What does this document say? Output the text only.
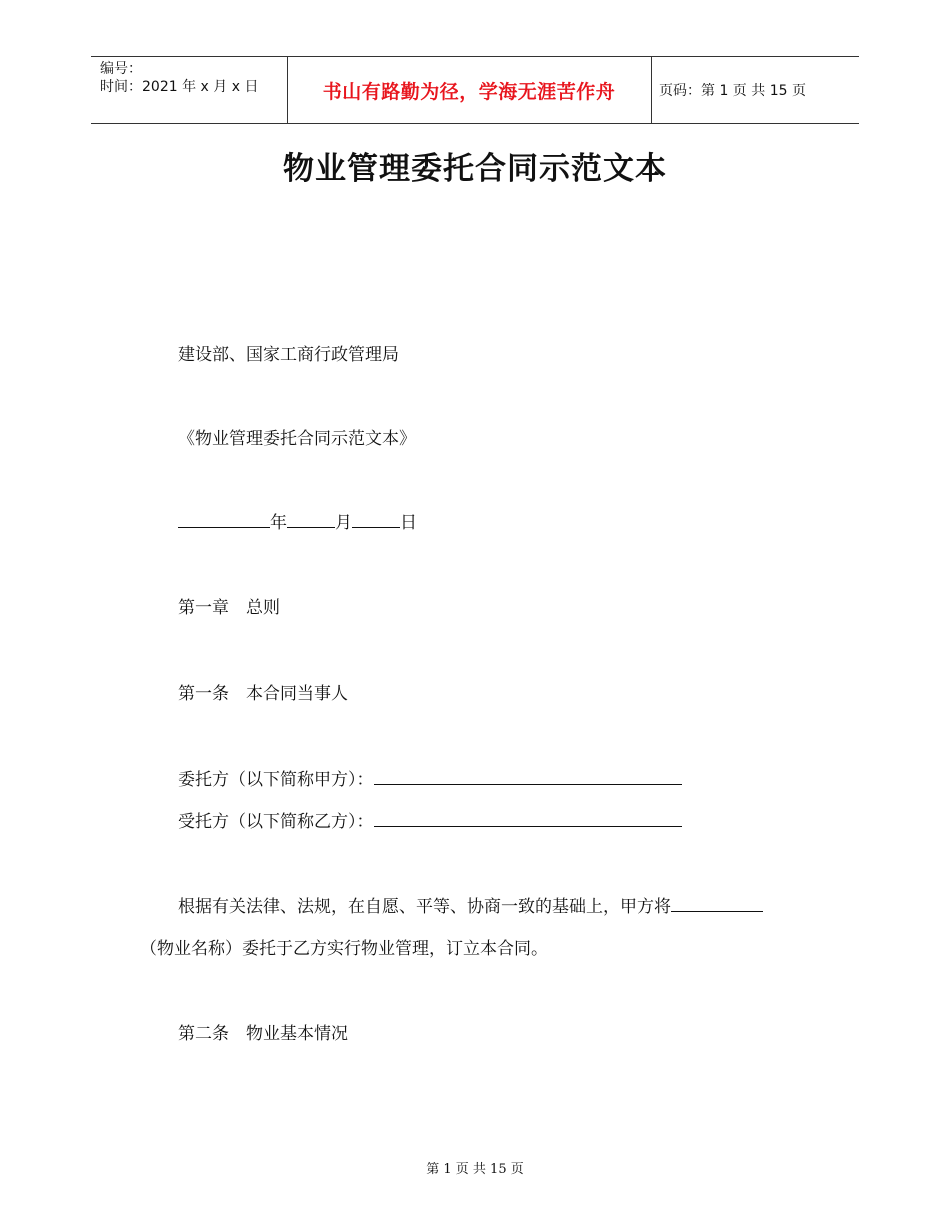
编号：
时间：2021 年 x 月 x 日	书山有路勤为径，学海无涯苦作舟	页码：第 1 页 共 15 页
物业管理委托合同示范文本
建设部、国家工商行政管理局
《物业管理委托合同示范文本》
年	月	日
第一章　总则
第一条　本合同当事人
委托方（以下简称甲方）：
受托方（以下简称乙方）：
根据有关法律、法规，在自愿、平等、协商一致的基础上，甲方将
（物业名称）委托于乙方实行物业管理，订立本合同。
第二条　物业基本情况
第 1 页 共 15 页
